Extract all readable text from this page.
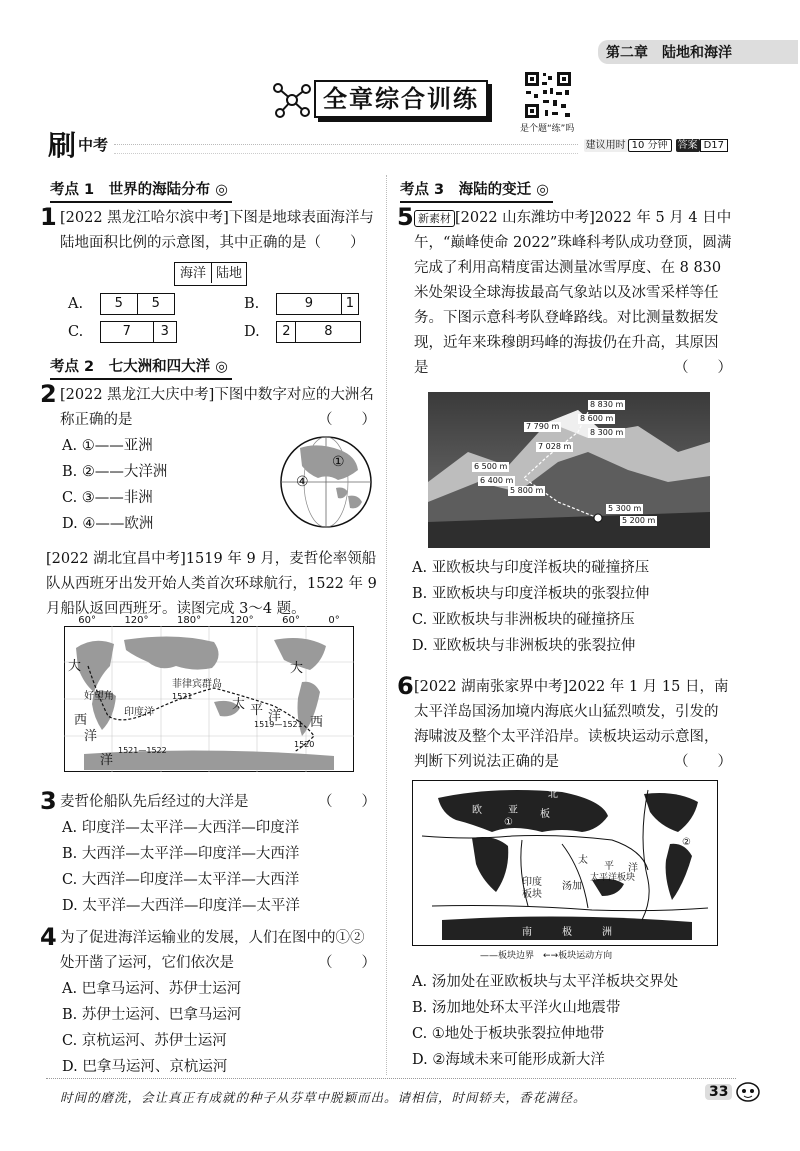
第二章　 陆地和海洋
全章综合训练
是个题“练”吗
刷 中考	建议用时 10 分钟 答案 D17
考点 1　世界的海陆分布 ◎
1 [2022 黑龙江哈尔滨中考]下图是地球表面海洋与陆地面积比例的示意图，其中正确的是（　　）
海洋 陆地
A. 5 5	B.	9	1
C.	7 3	D. 2	8
考点 2　七大洲和四大洋 ◎
2 [2022 黑龙江大庆中考]下图中数字对应的大洲名称正确的是	（　　）
A. ①——亚洲
B. ②——大洋洲
C. ③——非洲
D. ④——欧洲
①
④
[2022 湖北宜昌中考]1519 年 9 月，麦哲伦率领船队从西班牙出发开始人类首次环球航行，1522 年 9 月船队返回西班牙。读图完成 3～4 题。
60°	120°	180°	120°	60°	0°
大
西
洋
印度洋
太 平 洋 西
洋
大
好望角
菲律宾群岛
1521
1520
1519—1521
1521—1522
3 麦哲伦船队先后经过的大洋是	（　　）
A. 印度洋—太平洋—大西洋—印度洋
B. 大西洋—太平洋—印度洋—大西洋
C. 大西洋—印度洋—太平洋—大西洋
D. 太平洋—大西洋—印度洋—太平洋
4 为了促进海洋运输业的发展，人们在图中的①②处开凿了运河，它们依次是	（　　）
A. 巴拿马运河、苏伊士运河
B. 苏伊士运河、巴拿马运河
C. 京杭运河、苏伊士运河
D. 巴拿马运河、京杭运河
考点 3　海陆的变迁 ◎
5 新素材 [2022 山东潍坊中考]2022 年 5 月 4 日中午，“巅峰使命 2022”珠峰科考队成功登顶，圆满完成了利用高精度雷达测量冰雪厚度、在 8 830 米处架设全球海拔最高气象站以及冰雪采样等任务。下图示意科考队登峰路线。对比测量数据发现，近年来珠穆朗玛峰的海拔仍在升高，其原因是	（　　）
8 830 m
8 600 m
8 300 m
7 790 m
7 028 m
6 500 m
6 400 m
5 800 m
5 300 m
5 200 m
A. 亚欧板块与印度洋板块的碰撞挤压
B. 亚欧板块与印度洋板块的张裂拉伸
C. 亚欧板块与非洲板块的碰撞挤压
D. 亚欧板块与非洲板块的张裂拉伸
6 [2022 湖南张家界中考]2022 年 1 月 15 日，南太平洋岛国汤加境内海底火山猛烈喷发，引发的海啸波及整个太平洋沿岸。读板块运动示意图，判断下列说法正确的是	（　　）
北
欧	亚 板
太
平 洋
太平洋板块
印度
板块
汤加
南	极	洲
①
②
——板块边界　 ←→板块运动方向
A. 汤加处在亚欧板块与太平洋板块交界处
B. 汤加地处环太平洋火山地震带
C. ①地处于板块张裂拉伸地带
D. ②海域未来可能形成新大洋
时间的磨洗，会让真正有成就的种子从芬草中脱颖而出。请相信，时间轿夫，香花满径。	33
